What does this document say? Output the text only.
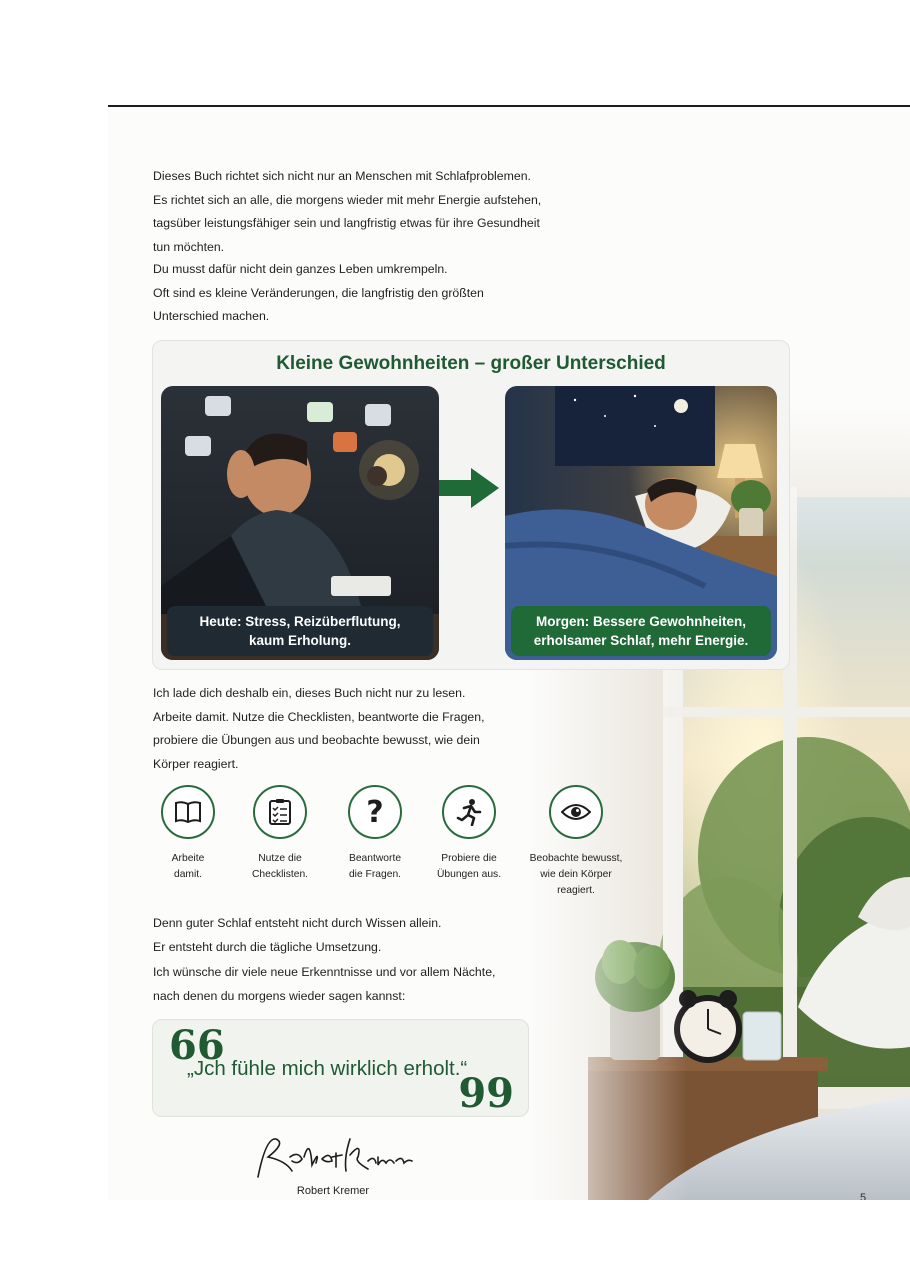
Dieses Buch richtet sich nicht nur an Menschen mit Schlafproblemen.
Es richtet sich an alle, die morgens wieder mit mehr Energie aufstehen,
tagsüber leistungsfähiger sein und langfristig etwas für ihre Gesundheit
tun möchten.

Du musst dafür nicht dein ganzes Leben umkrempeln.
Oft sind es kleine Veränderungen, die langfristig den größten
Unterschied machen.

Kleine Gewohnheiten – großer Unterschied
Heute: Stress, Reizüberflutung,
kaum Erholung.
Morgen: Bessere Gewohnheiten,
erholsamer Schlaf, mehr Energie.

Ich lade dich deshalb ein, dieses Buch nicht nur zu lesen.
Arbeite damit. Nutze die Checklisten, beantworte die Fragen,
probiere die Übungen aus und beobachte bewusst, wie dein
Körper reagiert.

Arbeite
damit.
Nutze die
Checklisten.
?
Beantworte
die Fragen.
Probiere die
Übungen aus.
Beobachte bewusst,
wie dein Körper
reagiert.

Denn guter Schlaf entsteht nicht durch Wissen allein.
Er entsteht durch die tägliche Umsetzung.

Ich wünsche dir viele neue Erkenntnisse und vor allem Nächte,
nach denen du morgens wieder sagen kannst:

66
„Jch fühle mich wirklich erholt.“
99
Robert Kremer
5
